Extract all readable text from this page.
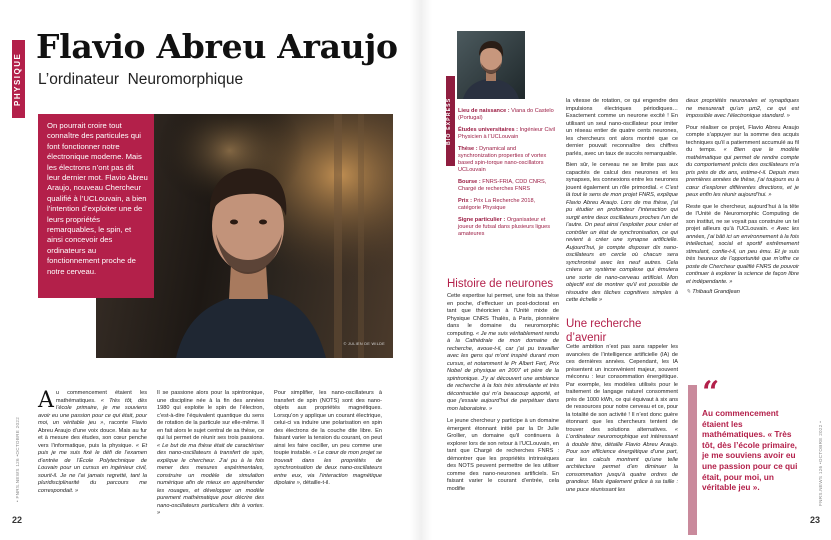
PHYSIQUE
Flavio Abreu Araujo
L’ordinateur  Neuromorphique
© JULIEN DE WILDE
On pourrait croire tout connaître des particules qui font fonctionner notre électronique moderne. Mais les électrons n’ont pas dit leur dernier mot. Flavio Abreu Araujo, nouveau Chercheur qualifié à l’UCLouvain, a bien l’intention d’exploiter une de leurs propriétés remarquables, le spin, et ainsi concevoir des ordinateurs au fonctionnement proche de notre cerveau.
Au commencement étaient les mathématiques. « Très tôt, dès l’école primaire, je me souviens avoir eu une passion pour ce qui était, pour moi, un véritable jeu », raconte Flavio Abreu Araujo d’une voix douce. Mais au fur et à mesure des études, son cœur penche vers l’informatique, puis la physique. « Et puis je me suis fixé le défi de l’examen d’entrée de l’École Polytechnique de Louvain pour un cursus en ingénieur civil, sourit-il. Je ne l’ai jamais regretté, tant la pluridisciplinarité du parcours me correspondait. »
Il se passione alors pour la spintronique, une discipline née à la fin des années 1980 qui exploite le spin de l’électron, c’est-à-dire l’équivalent quantique du sens de rotation de la particule sur elle-même. Il en fait alors le sujet central de sa thèse, ce qui lui permet de réunir ses trois passions. « Le but de ma thèse était de caractériser des nano-oscillateurs à transfert de spin, explique le chercheur. J’ai pu à la fois mener des mesures expérimentales, construire un modèle de simulation numérique afin de mieux en appréhender les rouages, et développer un modèle purement mathématique pour décrire des nano-oscillateurs particuliers dits à vortex. »
Pour simplifier, les nano-oscillateurs à transfert de spin (NOTS) sont des nano-objets aux propriétés magnétiques. Lorsqu’on y applique un courant électrique, celui-ci va induire une polarisation en spin des électrons de la couche dite libre. En faisant varier la tension du courant, on peut ainsi les faire osciller, un peu comme une toupie instable. « Le cœur de mon projet se trouvait dans les propriétés de synchronisation de deux nano-oscillateurs entre eux, via l’interaction magnétique dipolaire », détaille-t-il.
• FNRS.NEWS 126 •OCTOBRE 2022
22
BIO EXPRESS	Lieu de naissance : Viana do Castelo (Portugal)
Études universitaires : Ingénieur Civil Physicien à l’UCLouvain
Thèse : Dynamical and synchronization properties of vortex based spin-torque nano-oscillators UCLouvain
Bourse : FNRS-FRIA, CDD CNRS, Chargé de recherches FNRS
Prix : Prix La Recherche 2018, catégorie Physique
Signe particulier : Organisateur et joueur de futsal dans plusieurs ligues amateures
Histoire de neurones
Cette expertise lui permet, une fois sa thèse en poche, d’effectuer un post-doctorat en tant que théoricien à l’Unité mixte de Physique CNRS Thalès, à Paris, pionnière dans le domaine du neuromorphic computing. « Je me suis véritablement rendu à la Cathédrale de mon domaine de recherche, avoue-t-il, car j’ai pu travailler avec les gens qui m’ont inspiré durant mon cursus, et notamment le Pr Albert Fert, Prix Nobel de physique en 2007 et père de la spintronique. J’y ai découvert une ambiance de recherche à la fois très stimulante et très décontractée qui m’a beaucoup apporté, et que j’essaie aujourd’hui de perpétuer dans mon laboratoire. »
Le jeune chercheur y participe à un domaine émergent étonnant initié par la Dr Julie Grollier, un domaine qu’il continuera à explorer lors de son retour à l’UCLouvain, en tant que Chargé de recherches FNRS : démontrer que les propriétés intrinsèques des NOTS peuvent permettre de les utiliser comme des nano-neurones artificiels. En faisant varier le courant d’entrée, cela modifie
la vitesse de rotation, ce qui engendre des impulsions électriques périodiques… Exactement comme un neurone excité ! En utilisant un seul nano-oscillateur pour imiter un réseau entier de quatre cents neurones, les chercheurs ont alors montré que ce dernier pouvait reconnaître des chiffres parlés, avec un taux de succès remarquable.
Bien sûr, le cerveau ne se limite pas aux capacités de calcul des neurones et les synapses, les connexions entre les neurones jouent également un rôle primordial. « C’est là tout le sens de mon projet FNRS, explique Flavio Abreu Araujo. Lors de ma thèse, j’ai pu étudier en profondeur l’interaction qui surgit entre deux oscillateurs proches l’un de l’autre. On peut ainsi l’exploiter pour créer et contrôler un état de synchronisation, ce qui revient à créer une synapse artificielle. Aujourd’hui, je compte disposer dix nano-oscillateurs en cercle où chacun sera synchronisé avec les neuf autres. Cela créera un système complexe qui émulera une sorte de nano-cerveau artificiel. Mon objectif est de montrer qu’il est possible de résoudre des tâches cognitives simples à cette échelle »
Une recherche d’avenir
Cette ambition n’est pas sans rappeler les avancées de l’intelligence artificielle (IA) de ces dernières années. Cependant, les IA présentent un inconvénient majeur, souvent méconnu : leur consommation énergétique. Par exemple, les modèles utilisés pour le traitement de langage naturel consomment près de 1000 kWh, ce qui équivaut à six ans de ressources pour notre cerveau et ce, pour la totalité de son activité ! Il n’est donc guère étonnant que les chercheurs tentent de trouver des solutions alternatives. « L’ordinateur neuromorphique est intéressant à double titre, détaille Flavio Abreu Araujo. Pour son efficience énergétique d’une part, car les calculs montrent qu’une telle architecture permet d’en diminuer la consommation jusqu’à quatre ordres de grandeur. Mais également grâce à sa taille : une puce réunissant les
deux propriétés neuronales et synaptiques ne mesurerait qu’un µm2, ce qui est impossible avec l’électronique standard. »
Pour réaliser ce projet, Flavio Abreu Araujo compte s’appuyer sur la somme des acquis techniques qu’il a patiemment accumulé au fil du temps. « Bien que le modèle mathématique qui permet de rendre compte du comportement précis des oscillateurs m’a pris près de dix ans, estime-t-il. Depuis mes premières années de thèse, j’ai toujours eu à cœur d’explorer différentes directions, et je peux enfin les réunir aujourd’hui. »
Reste que le chercheur, aujourd’hui à la tête de l’Unité de Neuromorphic Computing de son institut, ne se voyait pas construire un tel projet ailleurs qu’à l’UCLouvain. « Avec les années, j’ai bâti ici un environnement à la fois intellectuel, social et sportif extrêmement stimulant, confie-t-il, un peu ému. Et je suis très heureux de l’opportunité que m’offre ce poste de Chercheur qualifié FNRS de pouvoir continuer à explorer la science de façon libre et indépendante. »
✎ Thibault Grandjean
“
Au commencement étaient les mathématiques. « Très tôt, dès l’école primaire, je me souviens avoir eu une passion pour ce qui était, pour moi, un véritable jeu ».	FNRS.NEWS 126 •OCTOBRE 2022 •
23
